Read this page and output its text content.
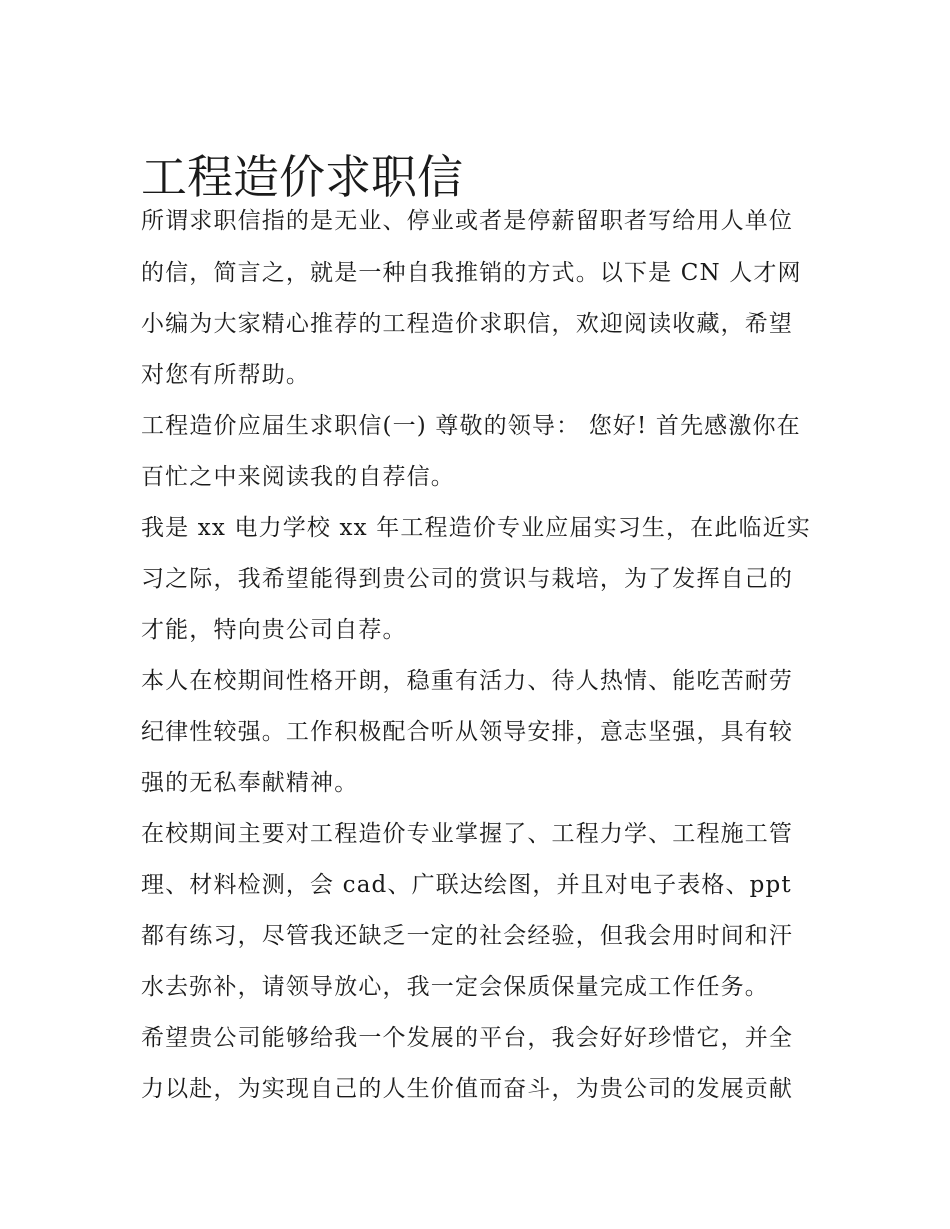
工程造价求职信
所谓求职信指的是无业、停业或者是停薪留职者写给用人单位
的信，简言之，就是一种自我推销的方式。以下是 CN 人才网
小编为大家精心推荐的工程造价求职信，欢迎阅读收藏，希望
对您有所帮助。
工程造价应届生求职信(一) 尊敬的领导： 您好! 首先感激你在
百忙之中来阅读我的自荐信。
我是 xx 电力学校 xx 年工程造价专业应届实习生，在此临近实
习之际，我希望能得到贵公司的赏识与栽培，为了发挥自己的
才能，特向贵公司自荐。
本人在校期间性格开朗，稳重有活力、待人热情、能吃苦耐劳
纪律性较强。工作积极配合听从领导安排，意志坚强，具有较
强的无私奉献精神。
在校期间主要对工程造价专业掌握了、工程力学、工程施工管
理、材料检测，会 cad、广联达绘图，并且对电子表格、ppt
都有练习，尽管我还缺乏一定的社会经验，但我会用时间和汗
水去弥补，请领导放心，我一定会保质保量完成工作任务。
希望贵公司能够给我一个发展的平台，我会好好珍惜它，并全
力以赴，为实现自己的人生价值而奋斗，为贵公司的发展贡献
